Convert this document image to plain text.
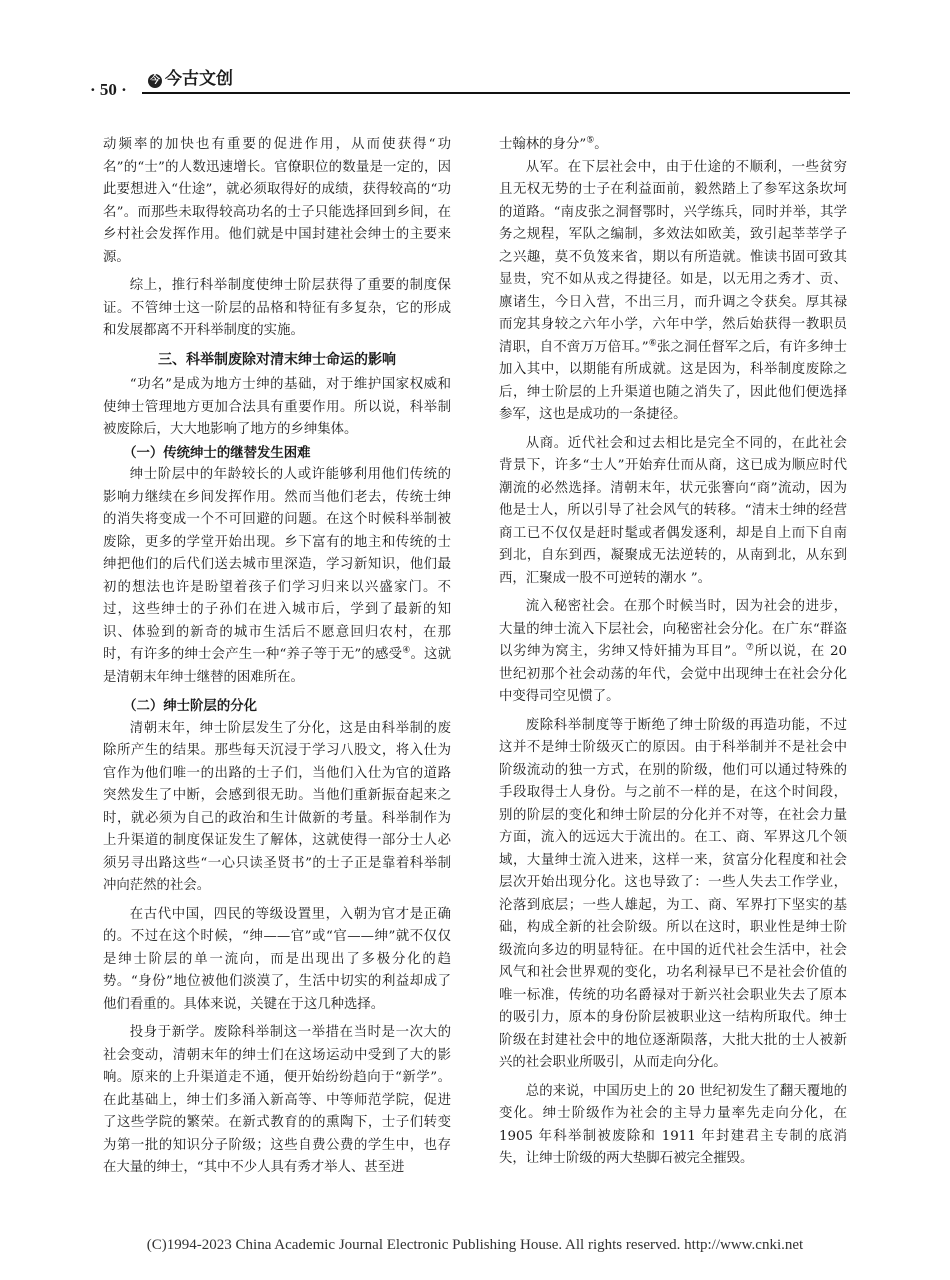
· 50 · 今 今古文创

动频率的加快也有重要的促进作用，从而使获得“功名”的“士”的人数迅速增长。官僚职位的数量是一定的，因此要想进入“仕途”，就必须取得好的成绩，获得较高的“功名”。而那些未取得较高功名的士子只能选择回到乡间，在乡村社会发挥作用。他们就是中国封建社会绅士的主要来源。

综上，推行科举制度使绅士阶层获得了重要的制度保证。不管绅士这一阶层的品格和特征有多复杂，它的形成和发展都离不开科举制度的实施。

三、科举制废除对清末绅士命运的影响

“功名”是成为地方士绅的基础，对于维护国家权威和使绅士管理地方更加合法具有重要作用。所以说，科举制被废除后，大大地影响了地方的乡绅集体。

（一）传统绅士的继替发生困难

绅士阶层中的年龄较长的人或许能够利用他们传统的影响力继续在乡间发挥作用。然而当他们老去，传统士绅的消失将变成一个不可回避的问题。在这个时候科举制被废除，更多的学堂开始出现。乡下富有的地主和传统的士绅把他们的后代们送去城市里深造，学习新知识，他们最初的想法也许是盼望着孩子们学习归来以兴盛家门。不过，这些绅士的子孙们在进入城市后，学到了最新的知识、体验到的新奇的城市生活后不愿意回归农村，在那时，有许多的绅士会产生一种“养子等于无”的感受④。这就是清朝末年绅士继替的困难所在。

（二）绅士阶层的分化

清朝末年，绅士阶层发生了分化，这是由科举制的废除所产生的结果。那些每天沉浸于学习八股文，将入仕为官作为他们唯一的出路的士子们，当他们入仕为官的道路突然发生了中断，会感到很无助。当他们重新振奋起来之时，就必须为自己的政治和生计做新的考量。科举制作为上升渠道的制度保证发生了解体，这就使得一部分士人必须另寻出路这些“一心只读圣贤书”的士子正是靠着科举制冲向茫然的社会。

在古代中国，四民的等级设置里，入朝为官才是正确的。不过在这个时候，“绅——官”或“官——绅”就不仅仅是绅士阶层的单一流向，而是出现出了多极分化的趋势。“身份”地位被他们淡漠了，生活中切实的利益却成了他们看重的。具体来说，关键在于这几种选择。

投身于新学。废除科举制这一举措在当时是一次大的社会变动，清朝末年的绅士们在这场运动中受到了大的影响。原来的上升渠道走不通，便开始纷纷趋向于“新学”。在此基础上，绅士们多涌入新高等、中等师范学院，促进了这些学院的繁荣。在新式教育的的熏陶下，士子们转变为第一批的知识分子阶级；这些自费公费的学生中，也存在大量的绅士，“其中不少人具有秀才举人、甚至进

士翰林的身分”⑤。

从军。在下层社会中，由于仕途的不顺利，一些贫穷且无权无势的士子在利益面前，毅然踏上了参军这条坎坷的道路。“南皮张之洞督鄂时，兴学练兵，同时并举，其学务之规程，军队之编制，多效法如欧美，致引起莘莘学子之兴趣，莫不负笈来省，期以有所造就。惟读书固可致其显贵，究不如从戎之得捷径。如是，以无用之秀才、贡、廪诸生，今日入营，不出三月，而升调之令获矣。厚其禄而宠其身较之六年小学，六年中学，然后始获得一教职员清职，自不啻万万倍耳。”⑥张之洞任督军之后，有许多绅士加入其中，以期能有所成就。这是因为，科举制度废除之后，绅士阶层的上升渠道也随之消失了，因此他们便选择参军，这也是成功的一条捷径。

从商。近代社会和过去相比是完全不同的，在此社会背景下，许多“士人”开始弃仕而从商，这已成为顺应时代潮流的必然选择。清朝末年，状元张謇向“商”流动，因为他是士人，所以引导了社会风气的转移。“清末士绅的经营商工已不仅仅是赶时髦或者偶发逐利，却是自上而下自南到北，自东到西，凝聚成无法逆转的，从南到北，从东到西，汇聚成一股不可逆转的潮水 ”。

流入秘密社会。在那个时候当时，因为社会的进步，大量的绅士流入下层社会，向秘密社会分化。在广东“群盗以劣绅为窝主，劣绅又恃奸捕为耳目”。⑦所以说，在 20 世纪初那个社会动荡的年代，会觉中出现绅士在社会分化中变得司空见惯了。

废除科举制度等于断绝了绅士阶级的再造功能，不过这并不是绅士阶级灭亡的原因。由于科举制并不是社会中阶级流动的独一方式，在别的阶级，他们可以通过特殊的手段取得士人身份。与之前不一样的是，在这个时间段，别的阶层的变化和绅士阶层的分化并不对等，在社会力量方面，流入的远远大于流出的。在工、商、军界这几个领域，大量绅士流入进来，这样一来，贫富分化程度和社会层次开始出现分化。这也导致了：一些人失去工作学业，沦落到底层；一些人雄起，为工、商、军界打下坚实的基础，构成全新的社会阶级。所以在这时，职业性是绅士阶级流向多边的明显特征。在中国的近代社会生活中，社会风气和社会世界观的变化，功名利禄早已不是社会价值的唯一标准，传统的功名爵禄对于新兴社会职业失去了原本的吸引力，原本的身份阶层被职业这一结构所取代。绅士阶级在封建社会中的地位逐渐陨落，大批大批的士人被新兴的社会职业所吸引，从而走向分化。

总的来说，中国历史上的 20 世纪初发生了翻天覆地的变化。绅士阶级作为社会的主导力量率先走向分化，在 1905 年科举制被废除和 1911 年封建君主专制的底消失，让绅士阶级的两大垫脚石被完全摧毁。

(C)1994-2023 China Academic Journal Electronic Publishing House. All rights reserved. http://www.cnki.net
